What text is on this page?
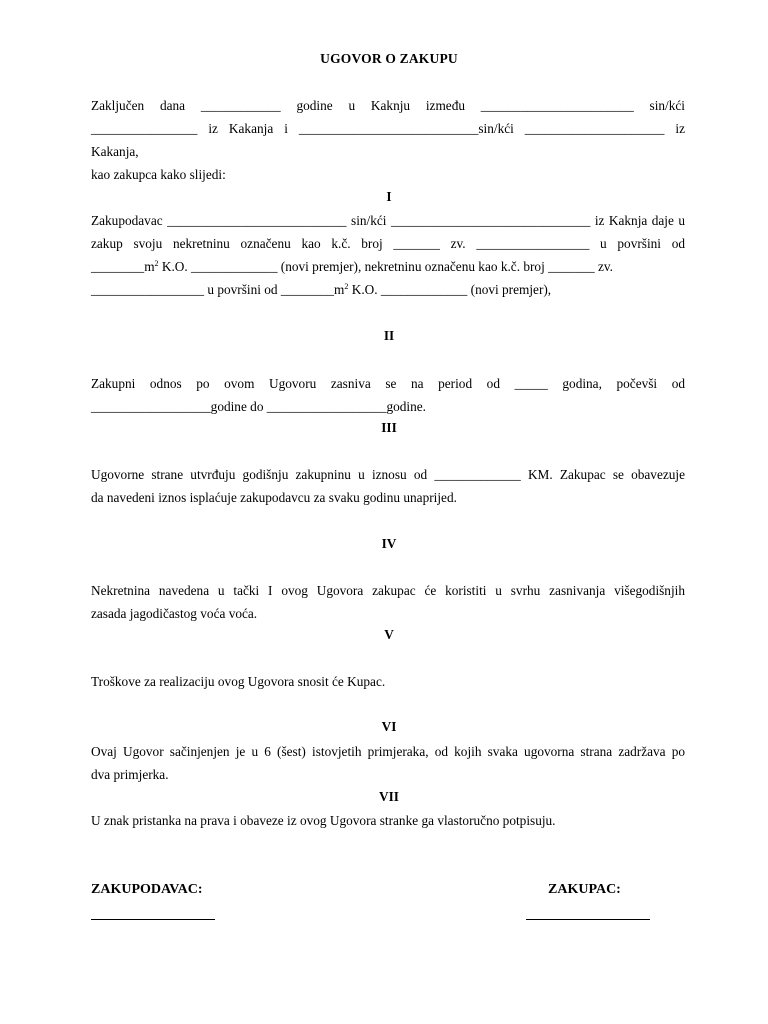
UGOVOR O ZAKUPU
Zaključen dana ____________ godine u Kaknju između _______________________ sin/kći
________________ iz Kakanja i ___________________________sin/kći _____________________ iz Kakanja,
kao zakupca kako slijedi:
I
Zakupodavac ___________________________ sin/kći ______________________________ iz Kaknja daje u
zakup svoju nekretninu označenu kao k.č. broj _______ zv. _________________ u površini od
$\_\_\_\_\_\_\_\_m^2$ K.O. _____________ (novi premjer), nekretninu označenu kao k.č. broj _______ zv.
_________________ u površini od $\_\_\_\_\_\_\_\_m^2$ K.O. _____________ (novi premjer),
II
Zakupni odnos po ovom Ugovoru zasniva se na period od _____ godina, počevši od
__________________godine do __________________godine.
III
Ugovorne strane utvrđuju godišnju zakupninu u iznosu od _____________ KM. Zakupac se obavezuje
da navedeni iznos isplaćuje zakupodavcu za svaku godinu unaprijed.
IV
Nekretnina navedena u tački I ovog Ugovora zakupac će koristiti u svrhu zasnivanja višegodišnjih
zasada jagodičastog voća voća.
V
Troškove za realizaciju ovog Ugovora snosit će Kupac.
VI
Ovaj Ugovor sačinjenjen je u 6 (šest) istovjetih primjeraka, od kojih svaka ugovorna strana zadržava po
dva primjerka.
VII
U znak pristanka na prava i obaveze iz ovog Ugovora stranke ga vlastoručno potpisuju.
ZAKUPODAVAC:	ZAKUPAC:
